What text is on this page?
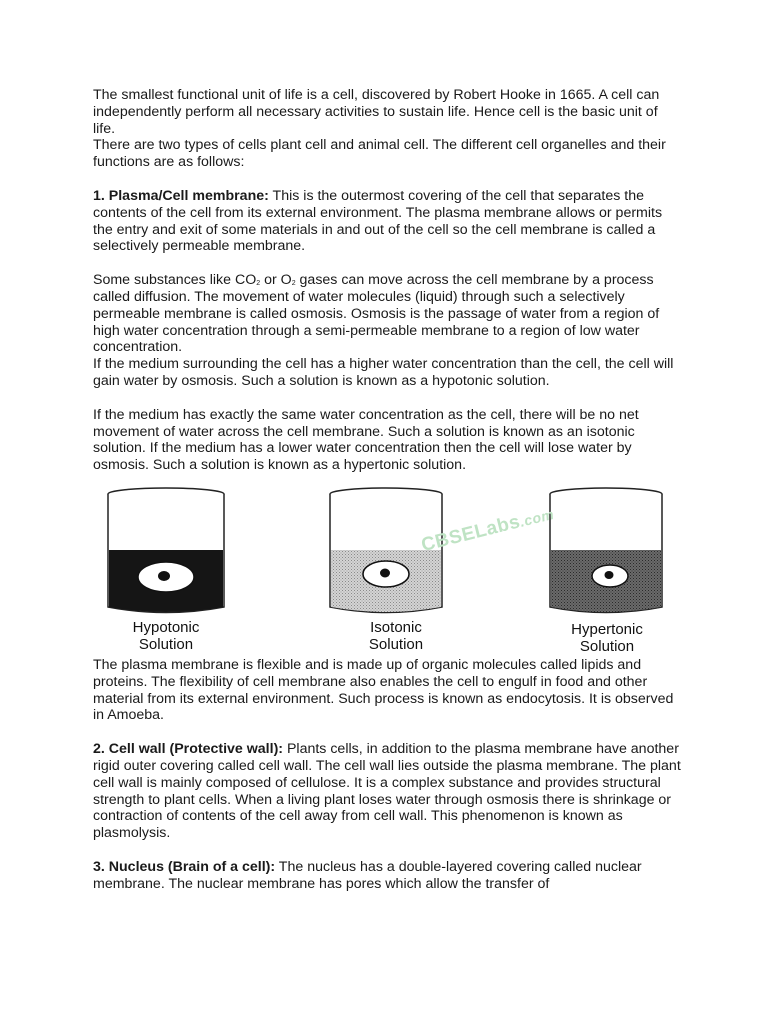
The smallest functional unit of life is a cell, discovered by Robert Hooke in 1665. A cell can independently perform all necessary activities to sustain life. Hence cell is the basic unit of life.

There are two types of cells plant cell and animal cell. The different cell organelles and their functions are as follows:

1. Plasma/Cell membrane: This is the outermost covering of the cell that separates the contents of the cell from its external environment. The plasma membrane allows or permits the entry and exit of some materials in and out of the cell so the cell membrane is called a selectively permeable membrane.

Some substances like $CO_2$ or $O_2$ gases can move across the cell membrane by a process called diffusion. The movement of water molecules (liquid) through such a selectively permeable membrane is called osmosis. Osmosis is the passage of water from a region of high water concentration through a semi-permeable membrane to a region of low water concentration.

If the medium surrounding the cell has a higher water concentration than the cell, the cell will gain water by osmosis. Such a solution is known as a hypotonic solution.

If the medium has exactly the same water concentration as the cell, there will be no net movement of water across the cell membrane. Such a solution is known as an isotonic solution. If the medium has a lower water concentration then the cell will lose water by osmosis. Such a solution is known as a hypertonic solution.

CBSELabs.com
Hypotonic
Solution
Isotonic
Solution
Hypertonic
Solution

The plasma membrane is flexible and is made up of organic molecules called lipids and proteins. The flexibility of cell membrane also enables the cell to engulf in food and other material from its external environment. Such process is known as endocytosis. It is observed in Amoeba.

2. Cell wall (Protective wall): Plants cells, in addition to the plasma membrane have another rigid outer covering called cell wall. The cell wall lies outside the plasma membrane. The plant cell wall is mainly composed of cellulose. It is a complex substance and provides structural strength to plant cells. When a living plant loses water through osmosis there is shrinkage or contraction of contents of the cell away from cell wall. This phenomenon is known as plasmolysis.

3. Nucleus (Brain of a cell): The nucleus has a double-layered covering called nuclear membrane. The nuclear membrane has pores which allow the transfer of
